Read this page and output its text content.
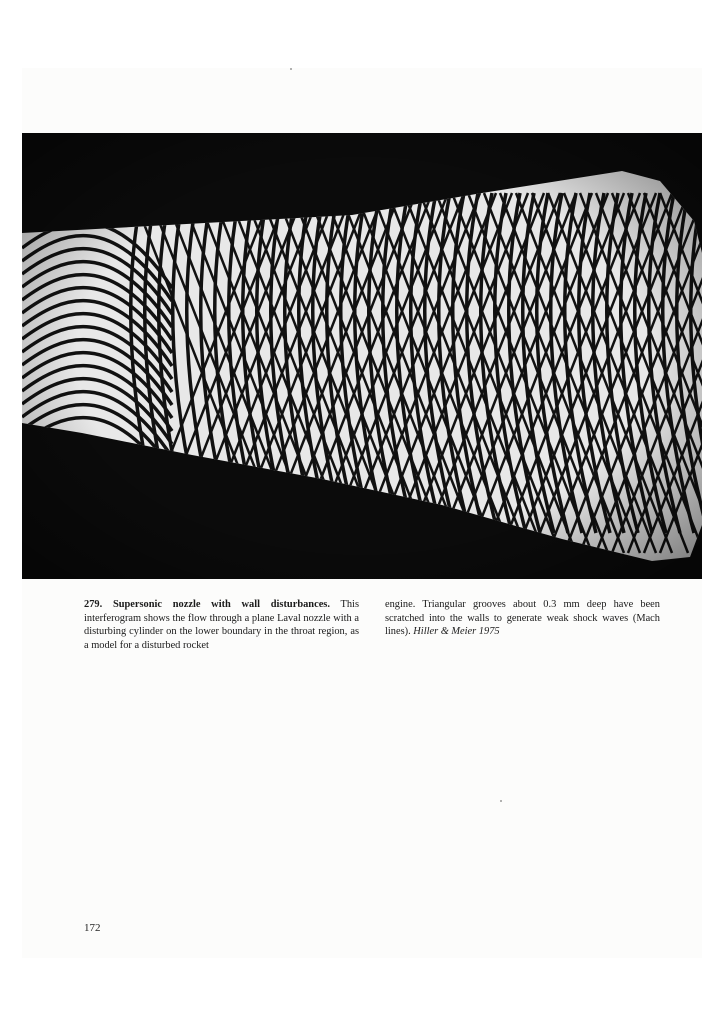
279. Supersonic nozzle with wall disturbances. This interferogram shows the flow through a plane Laval nozzle with a disturbing cylinder on the lower boundary in the throat region, as a model for a disturbed rocket
engine. Triangular grooves about 0.3 mm deep have been scratched into the walls to generate weak shock waves (Mach lines). Hiller & Meier 1975
172
